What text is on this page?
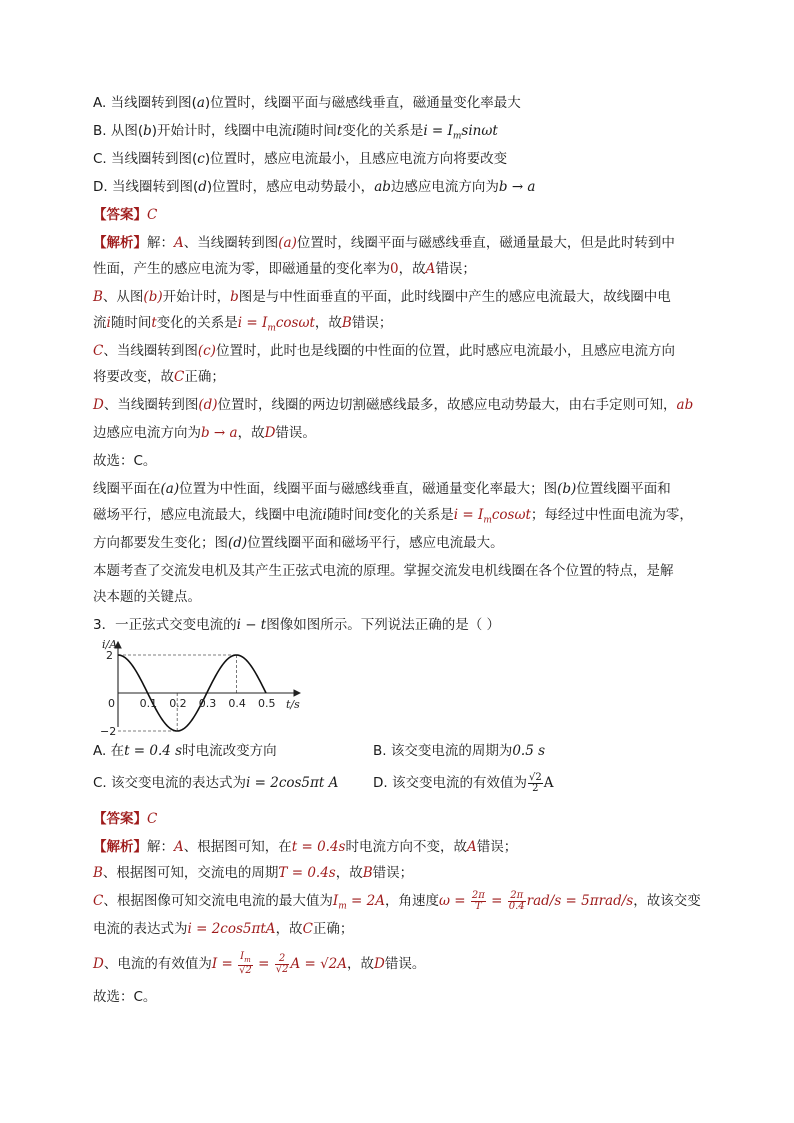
A. 当线圈转到图(a)位置时，线圈平面与磁感线垂直，磁通量变化率最大
B. 从图(b)开始计时，线圈中电流i随时间t变化的关系是$i = I_m\sin\omega t$
C. 当线圈转到图(c)位置时，感应电流最小，且感应电流方向将要改变
D. 当线圈转到图(d)位置时，感应电动势最小，ab边感应电流方向为b → a
【答案】C
【解析】解：A、当线圈转到图(a)位置时，线圈平面与磁感线垂直，磁通量最大，但是此时转到中
性面，产生的感应电流为零，即磁通量的变化率为0，故A错误；
B、从图(b)开始计时，b图是与中性面垂直的平面，此时线圈中产生的感应电流最大，故线圈中电
流i随时间t变化的关系是$i = I_m\cos\omega t$，故B错误；
C、当线圈转到图(c)位置时，此时也是线圈的中性面的位置，此时感应电流最小，且感应电流方向
将要改变，故C正确；
D、当线圈转到图(d)位置时，线圈的两边切割磁感线最多，故感应电动势最大，由右手定则可知，ab
边感应电流方向为b → a，故D错误。
故选：C。
线圈平面在(a)位置为中性面，线圈平面与磁感线垂直，磁通量变化率最大；图(b)位置线圈平面和
磁场平行，感应电流最大，线圈中电流i随时间t变化的关系是$i = I_m\cos\omega t$；每经过中性面电流为零，
方向都要发生变化；图(d)位置线圈平面和磁场平行，感应电流最大。
本题考查了交流发电机及其产生正弦式电流的原理。掌握交流发电机线圈在各个位置的特点，是解
决本题的关键点。
3．一正弦式交变电流的i − t图像如图所示。下列说法正确的是（ ）
i/A
t/s
0 0.1 0.2 0.3 0.4 0.5
2
−2
A. 在t = 0.4 s时电流改变方向	B. 该交变电流的周期为0.5 s
C. 该交变电流的表达式为i = 2cos5πt A	D. 该交变电流的有效值为 $\frac{√2}{2}$ A
【答案】C
【解析】解：A、根据图可知，在t = 0.4s时电流方向不变，故A错误；
B、根据图可知，交流电的周期T = 0.4s，故B错误；
C、根据图像可知交流电电流的最大值为$I_m = 2A$，角速度$\omega = \frac{2\pi}{T} = \frac{2\pi}{0.4} rad/s = 5\pi rad/s$，故该交变
电流的表达式为i = 2cos5πtA，故C正确；
D、电流的有效值为$I = \frac{I_m}{√2} = \frac{2}{√2}$ A = √2A，故D错误。
故选：C。
